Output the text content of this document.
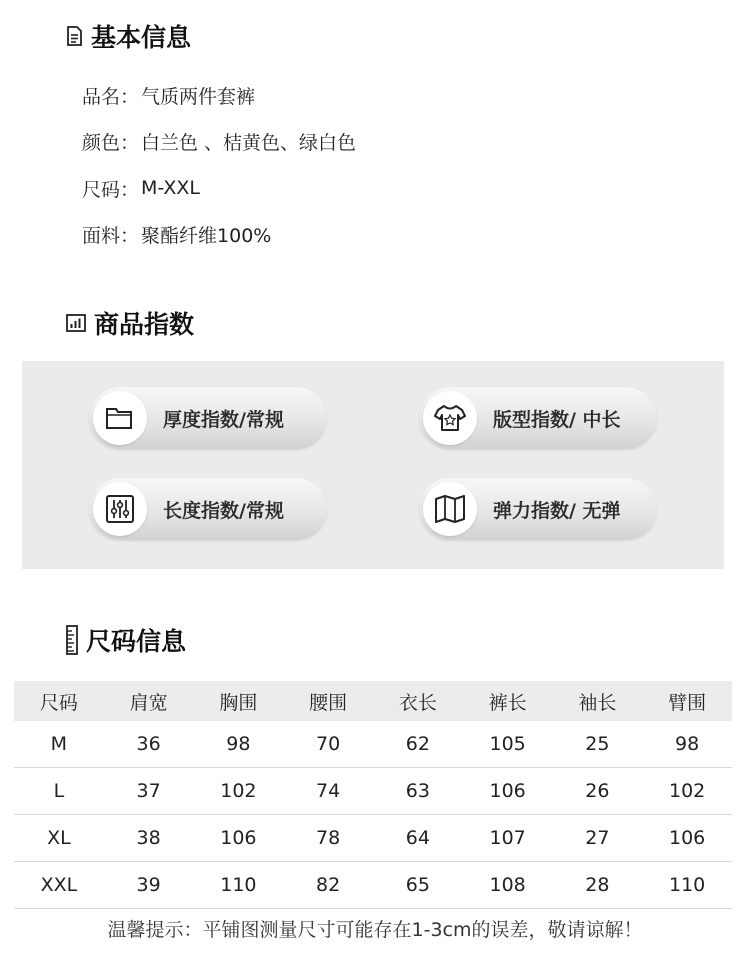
基本信息
品名： 气质两件套裤
颜色： 白兰色 、桔黄色、绿白色
尺码： M-XXL
面料： 聚酯纤维100%
商品指数
厚度指数/常规	版型指数/ 中长
长度指数/常规	弹力指数/ 无弹
尺码信息
尺码	肩宽	胸围	腰围	衣长	裤长	袖长	臂围
M	36	98	70	62	105	25	98
L	37	102	74	63	106	26	102
XL	38	106	78	64	107	27	106
XXL	39	110	82	65	108	28	110
温馨提示：平铺图测量尺寸可能存在1-3cm的误差，敬请谅解！
